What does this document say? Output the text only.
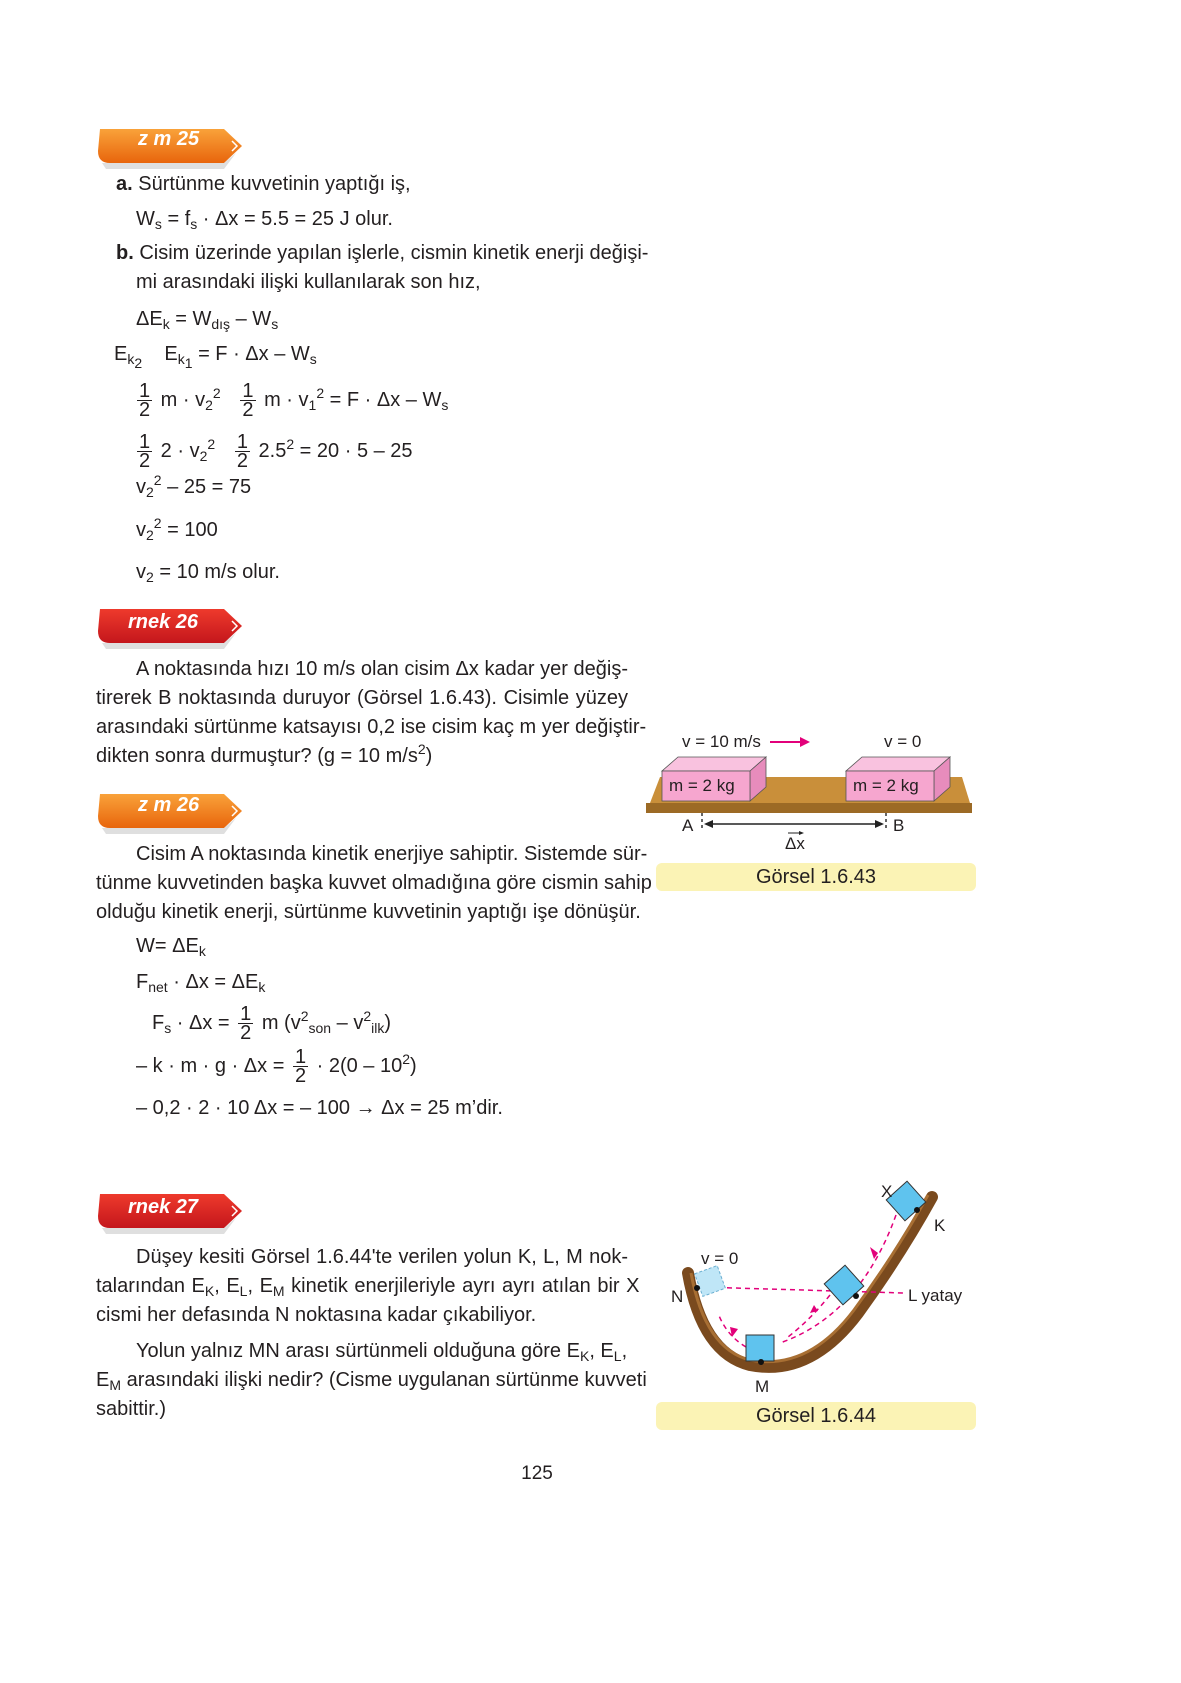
z m 25
a. Sürtünme kuvvetinin yaptığı iş,
$W_s = f_s \cdot \Delta x = 5.5 = 25$ J olur.
b. Cisim üzerinde yapılan işlerle, cismin kinetik enerji değişi-
mi arasındaki ilişki kullanılarak son hız,
$\Delta E_k = W_{dış} - W_s$
$E_{k_2}$    $E_{k_1} = F \cdot \Delta x - W_s$
$\frac{1}{2}$ $m \cdot v_2^2 \frac{1}{2}$ $m \cdot v_1^2 = F \cdot \Delta x - W_s$
$\frac{1}{2} 2 \cdot v_2^2 \frac{1}{2} 2.5^2 = 20 \cdot 5 - 25$
$v_2^2 - 25 = 75$
$v_2^2 = 100$
$v_2 = 10$ m/s olur.
rnek 26
A noktasında hızı 10 m/s olan cisim Δx kadar yer değiş-
tirerek B noktasında duruyor (Görsel 1.6.43). Cisimle yüzey
arasındaki sürtünme katsayısı 0,2 ise cisim kaç m yer değiştir-
dikten sonra durmuştur? (g = 10 $m/s^2$)
z m 26
Cisim A noktasında kinetik enerjiye sahiptir. Sistemde sür-
tünme kuvvetinden başka kuvvet olmadığına göre cismin sahip
olduğu kinetik enerji, sürtünme kuvvetinin yaptığı işe dönüşür.
$W= \Delta E_k$
$F_{net} \cdot \Delta x = \Delta E_k$
$F_s \cdot \Delta x = \frac{1}{2}$ m $(v^2_{son} - v^2_{ilk})$
– $k \cdot m \cdot g \cdot \Delta x = \frac{1}{2} \cdot 2(0 - 10^2)$
– 0,2 · 2 · 10 Δx = – 100 → Δx = 25 m’dir.
rnek 27
Düşey kesiti Görsel 1.6.44'te verilen yolun K, L, M nok-
talarından $E_K$, $E_L$, $E_M$ kinetik enerjileriyle ayrı ayrı atılan bir X
cismi her defasında N noktasına kadar çıkabiliyor.
Yolun yalnız MN arası sürtünmeli olduğuna göre $E_K$, $E_L$,
$E_M$ arasındaki ilişki nedir? (Cisme uygulanan sürtünme kuvveti
sabittir.)
v = 10 m/s	v = 0
m = 2 kg	m = 2 kg
A	B
Δx
Görsel 1.6.43
X
K
v = 0
N	L yatay
M
Görsel 1.6.44
125
